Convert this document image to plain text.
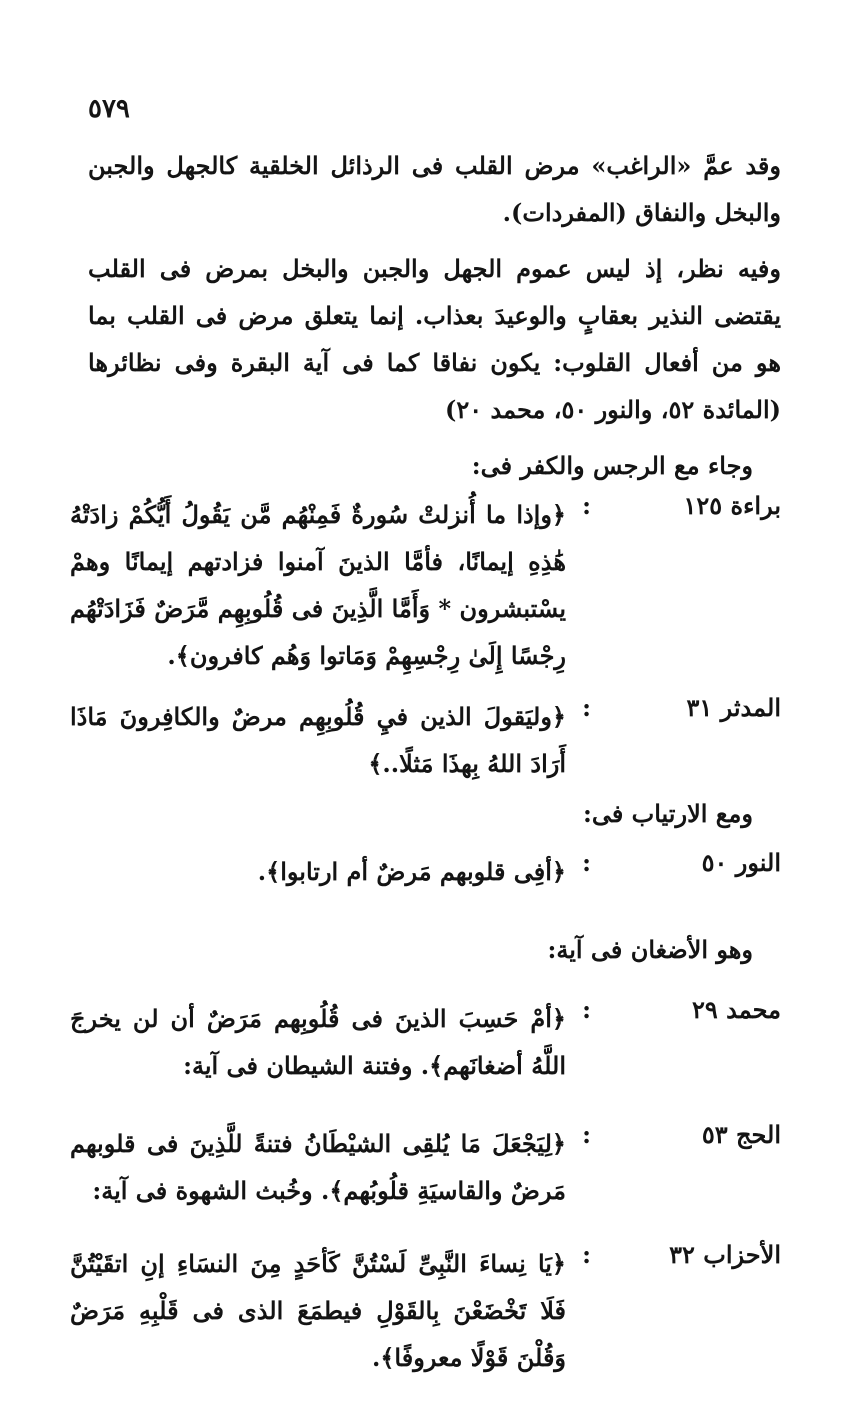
٥٧٩
وقد عمَّ «الراغب» مرض القلب فى الرذائل الخلقية كالجهل والجبن والبخل والنفاق (المفردات).
وفيه نظر، إذ ليس عموم الجهل والجبن والبخل بمرض فى القلب يقتضى النذير بعقابٍ والوعيدَ بعذاب. إنما يتعلق مرض فى القلب بما هو من أفعال القلوب: يكون نفاقا كما فى آية البقرة وفى نظائرها (المائدة ٥٢، والنور ٥٠، محمد ٢٠)
وجاء مع الرجس والكفر فى:
براءة ١٢٥
:
﴿وإذا ما أُنزلتْ سُورةٌ فَمِنْهُم مَّن يَقُولُ أَيُّكُمْ زادَتْهُ هَٰذِهِ إيمانًا، فأمَّا الذينَ آمنوا فزادتهم إيمانًا وهمْ يسْتبشرون * وَأَمَّا الَّذِينَ فى قُلُوبِهِم مَّرَضٌ فَزَادَتْهُم رِجْسًا إِلَىٰ رِجْسِهِمْ وَمَاتوا وَهُم كافرون﴾.
المدثر ٣١
:
﴿وليَقولَ الذين فيِ قُلُوبِهِم مرضٌ والكافِرونَ مَاذَا أَرَادَ اللهُ بِهذَا مَثلًا..﴾
ومع الارتياب فى:
النور ٥٠
:
﴿أفِى قلوبهم مَرضٌ أم ارتابوا﴾.
وهو الأضغان فى آية:
محمد ٢٩
:
﴿أمْ حَسِبَ الذينَ فى قُلُوبِهم مَرَضٌ أن لن يخرجَ اللَّهُ أضغانَهم﴾. وفتنة الشيطان فى آية:
الحج ٥٣
:
﴿لِيَجْعَلَ مَا يُلقِى الشيْطَانُ فتنةً للَّذِينَ فى قلوبهم مَرضٌ والقاسيَةِ قلُوبُهم﴾. وخُبث الشهوة فى آية:
الأحزاب ٣٢
:
﴿يَا نِساءَ النَّبِىِّ لَسْتُنَّ كَأحَدٍ مِنَ النسَاءِ إنِ اتقَيْتُنَّ فَلَا تَخْضَعْنَ بِالقَوْلِ فيطمَعَ الذى فى قَلْبِهِ مَرَضٌ وَقُلْنَ قَوْلًا معروفًا﴾.
